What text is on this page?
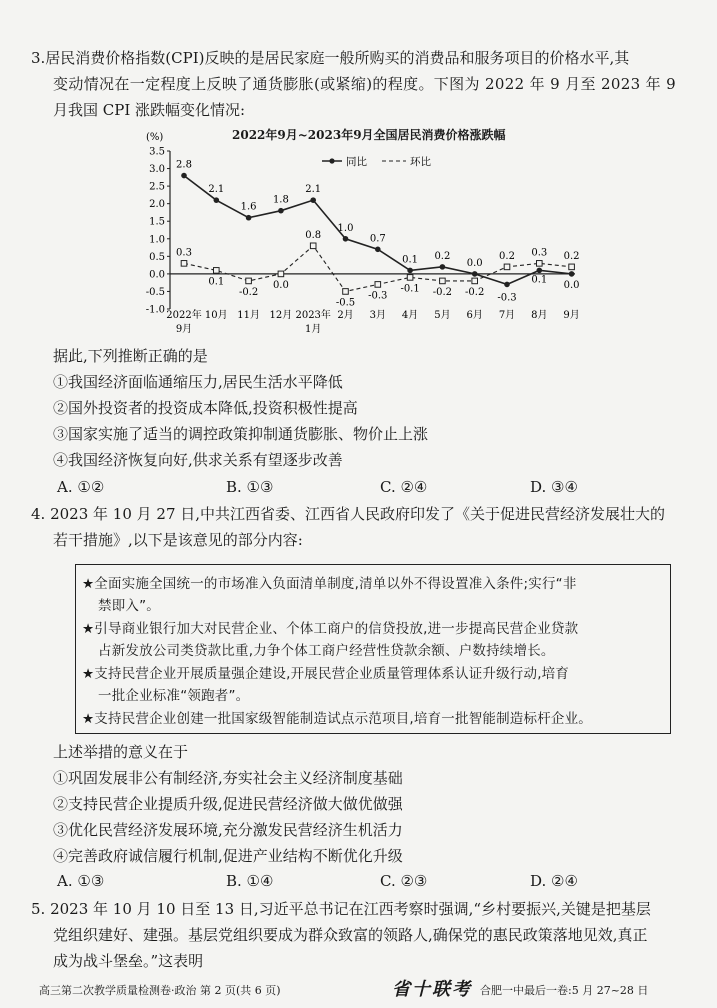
3.居民消费价格指数(CPI)反映的是居民家庭一般所购买的消费品和服务项目的价格水平,其
变动情况在一定程度上反映了通货膨胀(或紧缩)的程度。下图为 2022 年 9 月至 2023 年 9
月我国 CPI 涨跌幅变化情况:
2022年9月~2023年9月全国居民消费价格涨跌幅
(%)
3.5
3.0
2.5
2.0
1.5
1.0
0.5
0.0
-0.5
-1.0 2022年
9月
10月 11月 12月 2023年
1月
2月 3月 4月 5月 6月 7月 8月 9月
2.8
2.1
1.6
1.8
2.1
1.0
0.7
0.1 0.2
0.0
-0.3
0.1
0.0
0.3
0.1
-0.2
0.0
0.8
-0.5
-0.3
-0.1 -0.2 -0.2
0.2 0.3 0.2
同比	环比
据此,下列推断正确的是
①我国经济面临通缩压力,居民生活水平降低
②国外投资者的投资成本降低,投资积极性提高
③国家实施了适当的调控政策抑制通货膨胀、物价止上涨
④我国经济恢复向好,供求关系有望逐步改善
A. ①②	B. ①③	C. ②④	D. ③④
4. 2023 年 10 月 27 日,中共江西省委、江西省人民政府印发了《关于促进民营经济发展壮大的
若干措施》,以下是该意见的部分内容:
★全面实施全国统一的市场准入负面清单制度,清单以外不得设置准入条件;实行“非
禁即入”。
★引导商业银行加大对民营企业、个体工商户的信贷投放,进一步提高民营企业贷款
占新发放公司类贷款比重,力争个体工商户经营性贷款余额、户数持续增长。
★支持民营企业开展质量强企建设,开展民营企业质量管理体系认证升级行动,培育
一批企业标准“领跑者”。
★支持民营企业创建一批国家级智能制造试点示范项目,培育一批智能制造标杆企业。
上述举措的意义在于
①巩固发展非公有制经济,夯实社会主义经济制度基础
②支持民营企业提质升级,促进民营经济做大做优做强
③优化民营经济发展环境,充分激发民营经济生机活力
④完善政府诚信履行机制,促进产业结构不断优化升级
A. ①③	B. ①④	C. ②③	D. ②④
5. 2023 年 10 月 10 日至 13 日,习近平总书记在江西考察时强调,“乡村要振兴,关键是把基层
党组织建好、建强。基层党组织要成为群众致富的领路人,确保党的惠民政策落地见效,真正
成为战斗堡垒。”这表明
高三第二次教学质量检测卷·政治 第 2 页(共 6 页)	省十联考 合肥一中最后一卷:5 月 27~28 日
